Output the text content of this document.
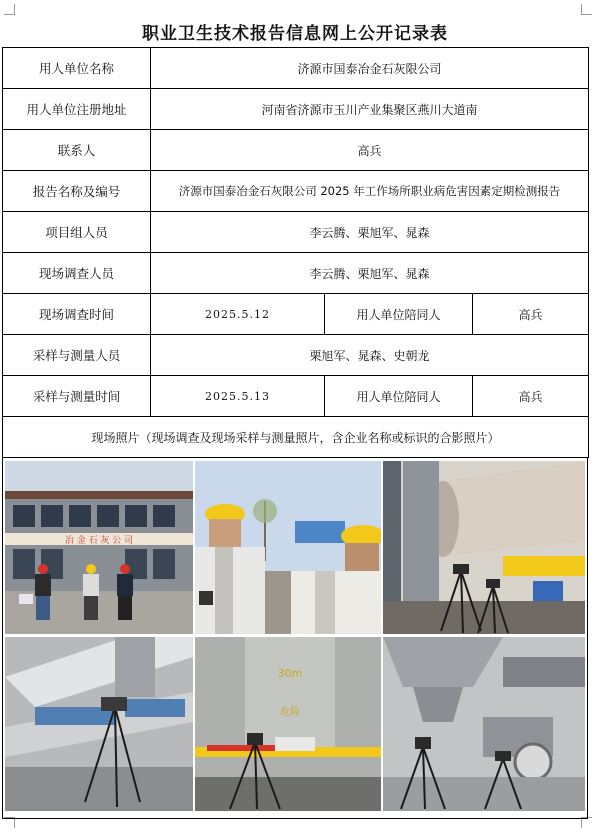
职业卫生技术报告信息网上公开记录表
用人单位名称	济源市国泰冶金石灰限公司		
用人单位注册地址	河南省济源市玉川产业集聚区燕川大道南		
联系人	高兵		
报告名称及编号	济源市国泰冶金石灰限公司 2025 年工作场所职业病危害因素定期检测报告		
项目组人员	李云腾、栗旭军、晁森		
现场调查人员	李云腾、栗旭军、晁森		
现场调查时间	2025.5.12	用人单位陪同人	高兵
采样与测量人员	栗旭军、晁森、史朝龙		
采样与测量时间	2025.5.13	用人单位陪同人	高兵
现场照片（现场调查及现场采样与测量照片，含企业名称或标识的合影照片）			
冶 金 石 灰 公 司
30m
危险
